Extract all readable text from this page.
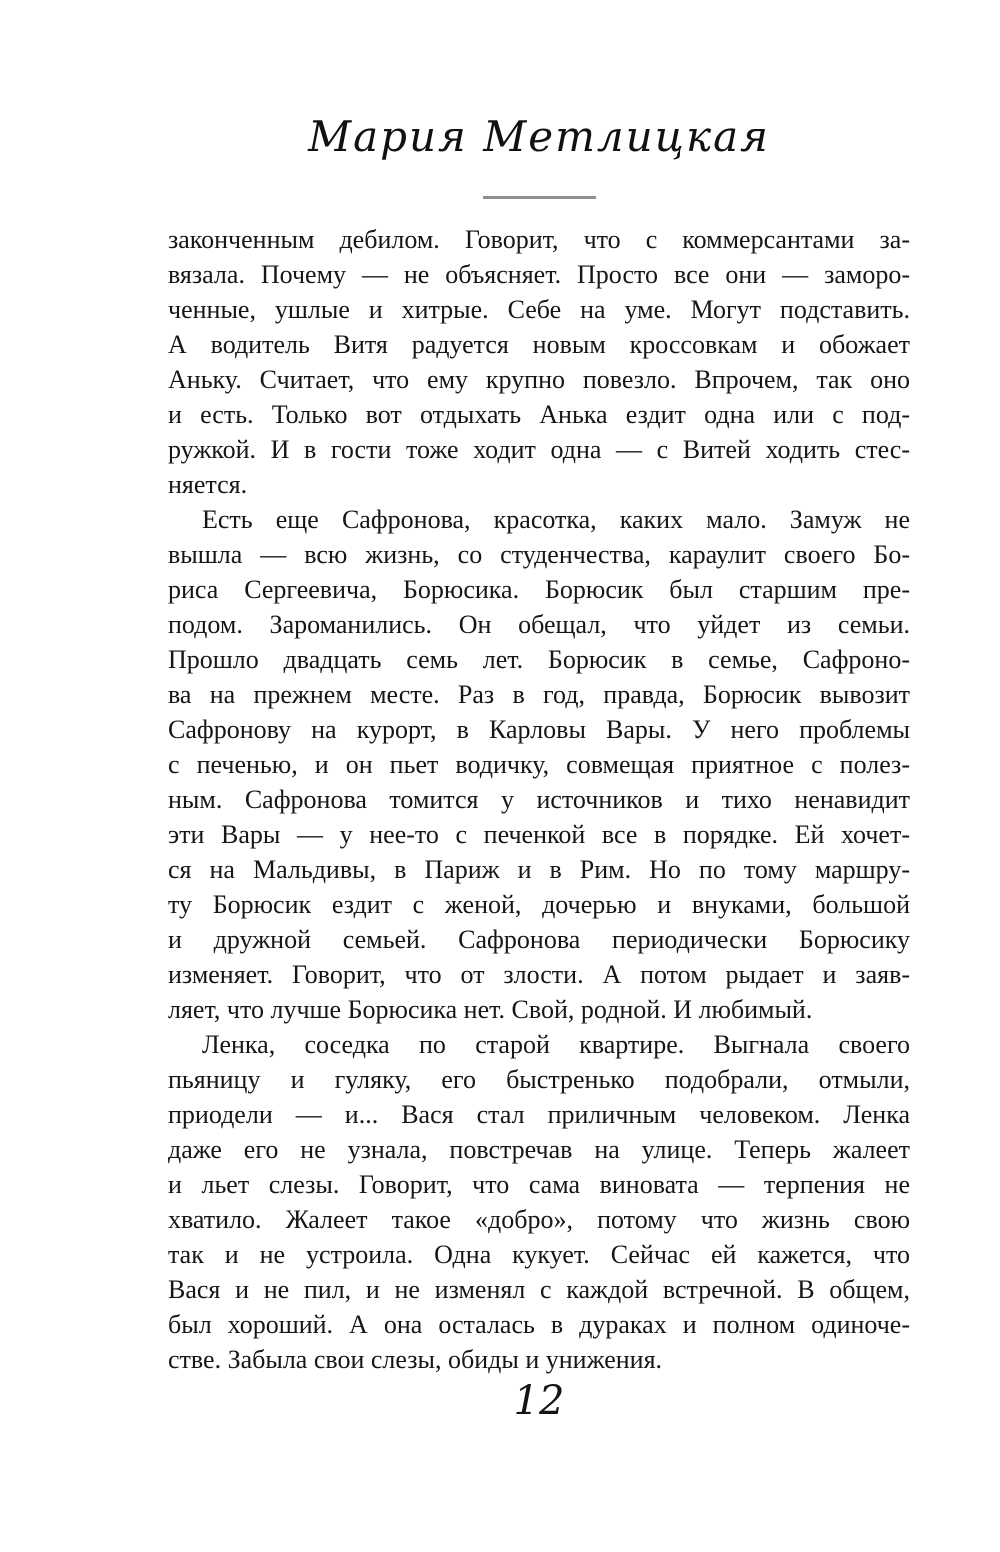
Мария Метлицкая
законченным дебилом. Говорит, что с коммерсантами за-
вязала. Почему — не объясняет. Просто все они — заморо-
ченные, ушлые и хитрые. Себе на уме. Могут подставить.
А водитель Витя радуется новым кроссовкам и обожает
Аньку. Считает, что ему крупно повезло. Впрочем, так оно
и есть. Только вот отдыхать Анька ездит одна или с под-
ружкой. И в гости тоже ходит одна — с Витей ходить стес-
няется.
Есть еще Сафронова, красотка, каких мало. Замуж не
вышла — всю жизнь, со студенчества, караулит своего Бо-
риса Сергеевича, Борюсика. Борюсик был старшим пре-
подом. Зароманились. Он обещал, что уйдет из семьи.
Прошло двадцать семь лет. Борюсик в семье, Сафроно-
ва на прежнем месте. Раз в год, правда, Борюсик вывозит
Сафронову на курорт, в Карловы Вары. У него проблемы
с печенью, и он пьет водичку, совмещая приятное с полез-
ным. Сафронова томится у источников и тихо ненавидит
эти Вары — у нее-то с печенкой все в порядке. Ей хочет-
ся на Мальдивы, в Париж и в Рим. Но по тому маршру-
ту Борюсик ездит с женой, дочерью и внуками, большой
и дружной семьей. Сафронова периодически Борюсику
изменяет. Говорит, что от злости. А потом рыдает и заяв-
ляет, что лучше Борюсика нет. Свой, родной. И любимый.
Ленка, соседка по старой квартире. Выгнала своего
пьяницу и гуляку, его быстренько подобрали, отмыли,
приодели — и... Вася стал приличным человеком. Ленка
даже его не узнала, повстречав на улице. Теперь жалеет
и льет слезы. Говорит, что сама виновата — терпения не
хватило. Жалеет такое «добро», потому что жизнь свою
так и не устроила. Одна кукует. Сейчас ей кажется, что
Вася и не пил, и не изменял с каждой встречной. В общем,
был хороший. А она осталась в дураках и полном одиноче-
стве. Забыла свои слезы, обиды и унижения.
12
